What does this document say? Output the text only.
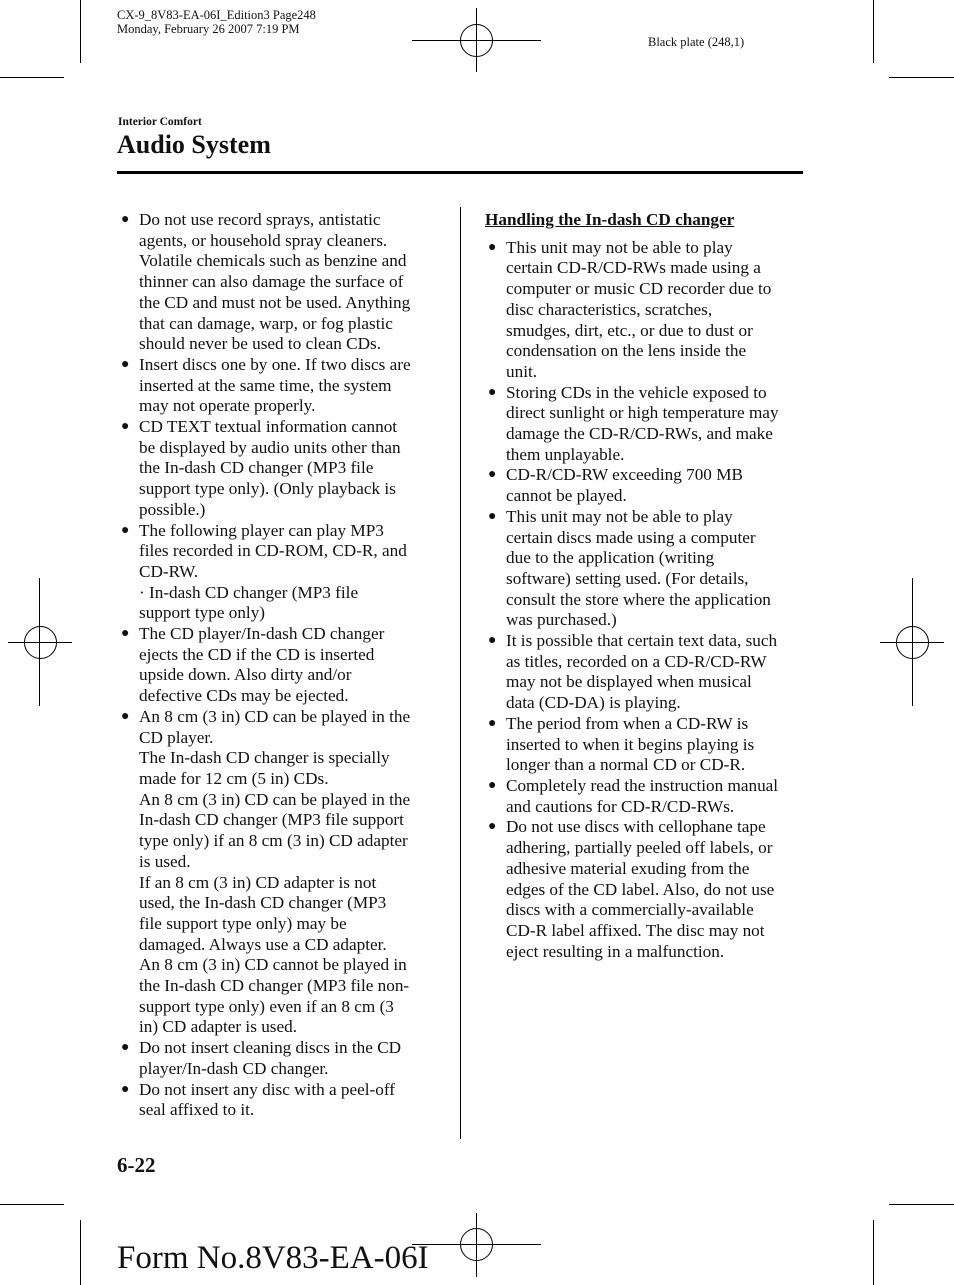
CX-9_8V83-EA-06I_Edition3 Page248
Monday, February 26 2007 7:19 PM
Black plate (248,1)
Interior Comfort
Audio System
● Do not use record sprays, antistatic
agents, or household spray cleaners.
Volatile chemicals such as benzine and
thinner can also damage the surface of
the CD and must not be used. Anything
that can damage, warp, or fog plastic
should never be used to clean CDs.
● Insert discs one by one. If two discs are
inserted at the same time, the system
may not operate properly.
● CD TEXT textual information cannot
be displayed by audio units other than
the In-dash CD changer (MP3 file
support type only). (Only playback is
possible.)
● The following player can play MP3
files recorded in CD-ROM, CD-R, and
CD-RW.
· In-dash CD changer (MP3 file
support type only)
● The CD player/In-dash CD changer
ejects the CD if the CD is inserted
upside down. Also dirty and/or
defective CDs may be ejected.
● An 8 cm (3 in) CD can be played in the
CD player.
The In-dash CD changer is specially
made for 12 cm (5 in) CDs.
An 8 cm (3 in) CD can be played in the
In-dash CD changer (MP3 file support
type only) if an 8 cm (3 in) CD adapter
is used.
If an 8 cm (3 in) CD adapter is not
used, the In-dash CD changer (MP3
file support type only) may be
damaged. Always use a CD adapter.
An 8 cm (3 in) CD cannot be played in
the In-dash CD changer (MP3 file non-
support type only) even if an 8 cm (3
in) CD adapter is used.
● Do not insert cleaning discs in the CD
player/In-dash CD changer.
● Do not insert any disc with a peel-off
seal affixed to it.
Handling the In-dash CD changer
● This unit may not be able to play
certain CD-R/CD-RWs made using a
computer or music CD recorder due to
disc characteristics, scratches,
smudges, dirt, etc., or due to dust or
condensation on the lens inside the
unit.
● Storing CDs in the vehicle exposed to
direct sunlight or high temperature may
damage the CD-R/CD-RWs, and make
them unplayable.
● CD-R/CD-RW exceeding 700 MB
cannot be played.
● This unit may not be able to play
certain discs made using a computer
due to the application (writing
software) setting used. (For details,
consult the store where the application
was purchased.)
● It is possible that certain text data, such
as titles, recorded on a CD-R/CD-RW
may not be displayed when musical
data (CD-DA) is playing.
● The period from when a CD-RW is
inserted to when it begins playing is
longer than a normal CD or CD-R.
● Completely read the instruction manual
and cautions for CD-R/CD-RWs.
● Do not use discs with cellophane tape
adhering, partially peeled off labels, or
adhesive material exuding from the
edges of the CD label. Also, do not use
discs with a commercially-available
CD-R label affixed. The disc may not
eject resulting in a malfunction.
6-22
Form No.8V83-EA-06I
